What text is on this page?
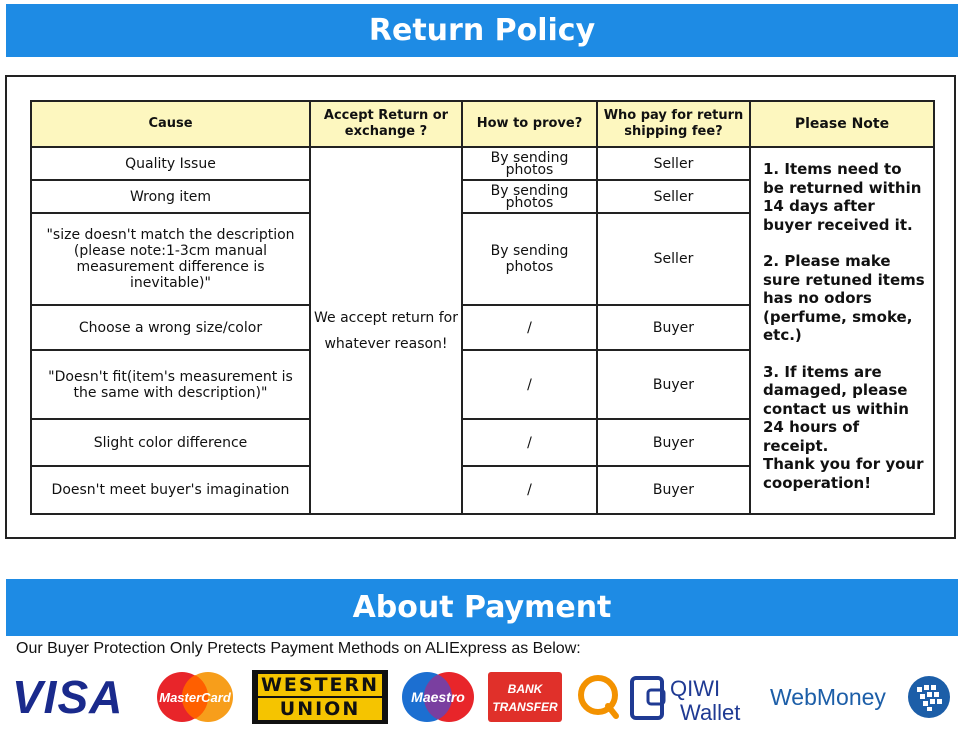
Return Policy
Cause	Accept Return or exchange ?	How to prove?	Who pay for return shipping fee?	Please Note
Quality Issue	We accept return for whatever reason!	By sending photos	Seller	1. Items need to be returned within 14 days after buyer received it.
2. Please make sure retuned items has no odors (perfume, smoke, etc.)
3. If items are damaged, please contact us within 24 hours of receipt.
Thank you for your cooperation!

Wrong item		By sending photos	Seller	
"size doesn't match the description (please note:1-3cm manual measurement difference is inevitable)"		By sending photos	Seller	
Choose a wrong size/color		/	Buyer	
"Doesn't fit(item's measurement is the same with description)"		/	Buyer	
Slight color difference		/	Buyer	
Doesn't meet buyer's imagination		/	Buyer	
About Payment
Our Buyer Protection Only Pretects Payment Methods on ALIExpress as Below:
VISA	MasterCard
WESTERN
UNION
Maestro	BANK
TRANSFER
QIWI
Wallet
WebMoney
